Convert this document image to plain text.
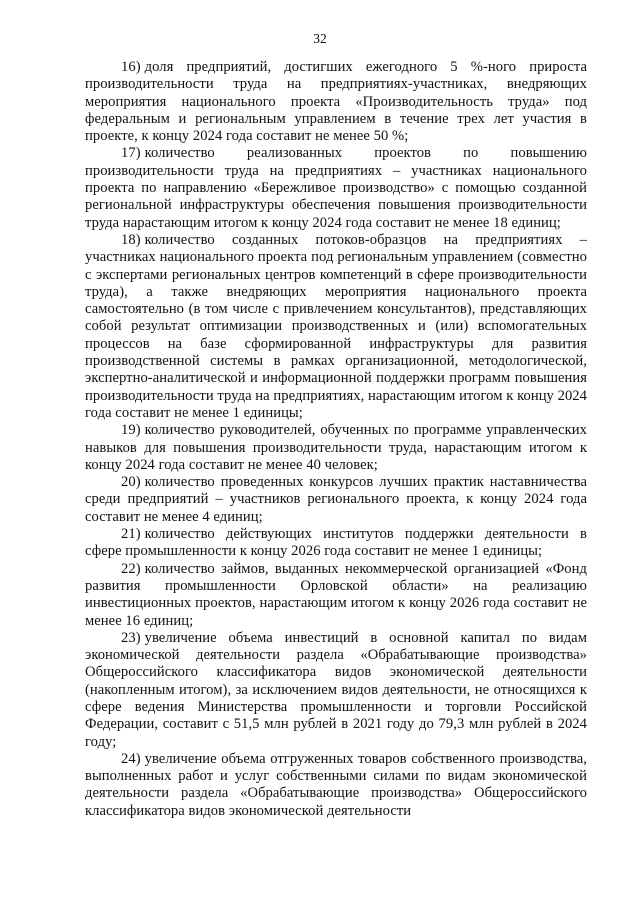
32

16) доля предприятий, достигших ежегодного 5 %-ного прироста производительности труда на предприятиях-участниках, внедряющих мероприятия национального проекта «Производительность труда» под федеральным и региональным управлением в течение трех лет участия в проекте, к концу 2024 года составит не менее 50 %;

17) количество реализованных проектов по повышению производительности труда на предприятиях – участниках национального проекта по направлению «Бережливое производство» с помощью созданной региональной инфраструктуры обеспечения повышения производительности труда нарастающим итогом к концу 2024 года составит не менее 18 единиц;

18) количество созданных потоков-образцов на предприятиях – участниках национального проекта под региональным управлением (совместно с экспертами региональных центров компетенций в сфере производительности труда), а также внедряющих мероприятия национального проекта самостоятельно (в том числе с привлечением консультантов), представляющих собой результат оптимизации производственных и (или) вспомогательных процессов на базе сформированной инфраструктуры для развития производственной системы в рамках организационной, методологической, экспертно-аналитической и информационной поддержки программ повышения производительности труда на предприятиях, нарастающим итогом к концу 2024 года составит не менее 1 единицы;

19) количество руководителей, обученных по программе управленческих навыков для повышения производительности труда, нарастающим итогом к концу 2024 года составит не менее 40 человек;

20) количество проведенных конкурсов лучших практик наставничества среди предприятий – участников регионального проекта, к концу 2024 года составит не менее 4 единиц;

21) количество действующих институтов поддержки деятельности в сфере промышленности к концу 2026 года составит не менее 1 единицы;

22) количество займов, выданных некоммерческой организацией «Фонд развития промышленности Орловской области» на реализацию инвестиционных проектов, нарастающим итогом к концу 2026 года составит не менее 16 единиц;

23) увеличение объема инвестиций в основной капитал по видам экономической деятельности раздела «Обрабатывающие производства» Общероссийского классификатора видов экономической деятельности (накопленным итогом), за исключением видов деятельности, не относящихся к сфере ведения Министерства промышленности и торговли Российской Федерации, составит с 51,5 млн рублей в 2021 году до 79,3 млн рублей в 2024 году;

24) увеличение объема отгруженных товаров собственного производства, выполненных работ и услуг собственными силами по видам экономической деятельности раздела «Обрабатывающие производства» Общероссийского классификатора видов экономической деятельности
